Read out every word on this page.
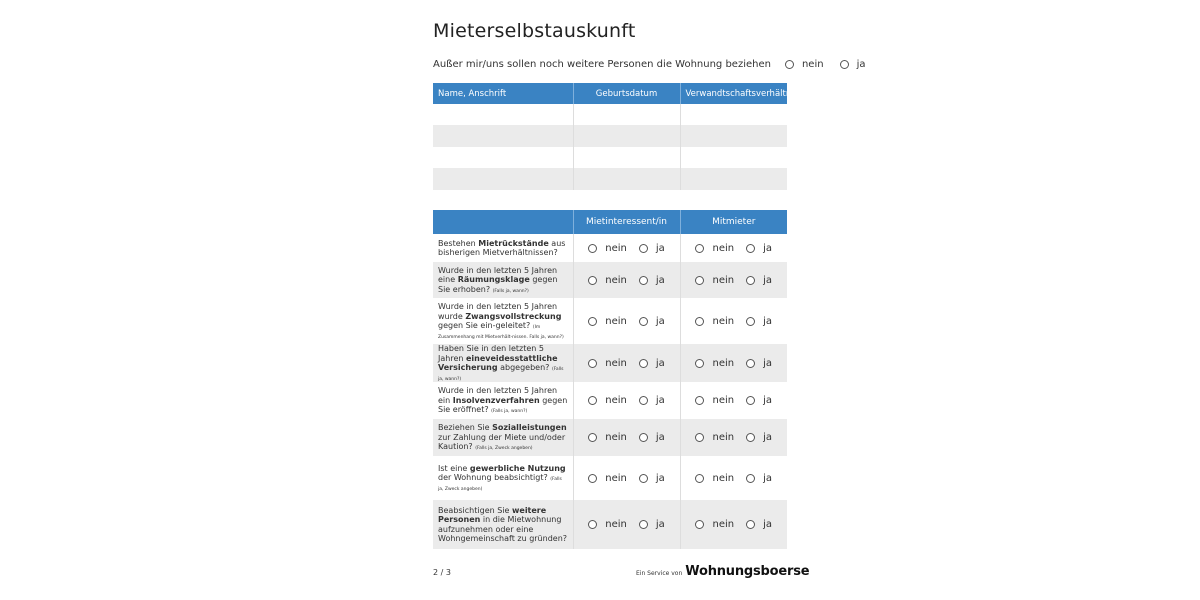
Mieterselbstauskunft
Außer mir/uns sollen noch weitere Personen die Wohnung beziehen	nein	ja
Name, Anschrift	Geburtsdatum	Verwandtschaftsverhältnis

	Mietinteressent/in	Mitmieter
Bestehen Mietrückstände aus bisherigen Mietverhältnissen?	nein ja	nein ja

Wurde in den letzten 5 Jahren eine Räumungsklage gegen Sie erhoben? (Falls ja, wann?)	nein ja	nein ja

Wurde in den letzten 5 Jahren wurde Zwangsvollstreckung gegen Sie ein-geleitet? (Im Zusammenhang mit Mietverhält-nissen. Falls ja, wann?)	nein ja	nein ja

Haben Sie in den letzten 5 Jahren eineveidesstattliche Versicherung abgegeben? (Falls ja, wann?)	nein ja	nein ja

Wurde in den letzten 5 Jahren ein Insolvenzverfahren gegen Sie eröffnet? (Falls ja, wann?)	nein ja	nein ja

Beziehen Sie Sozialleistungen zur Zahlung der Miete und/oder Kaution? (Falls ja, Zweck angeben)	nein ja	nein ja

Ist eine gewerbliche Nutzung der Wohnung beabsichtigt? (Falls ja, Zweck angeben)	nein ja	nein ja

Beabsichtigen Sie weitere Personen in die Mietwohnung aufzunehmen oder eine Wohngemeinschaft zu gründen?	nein ja	nein ja
2 / 3	Ein Service von Wohnungsboerse
